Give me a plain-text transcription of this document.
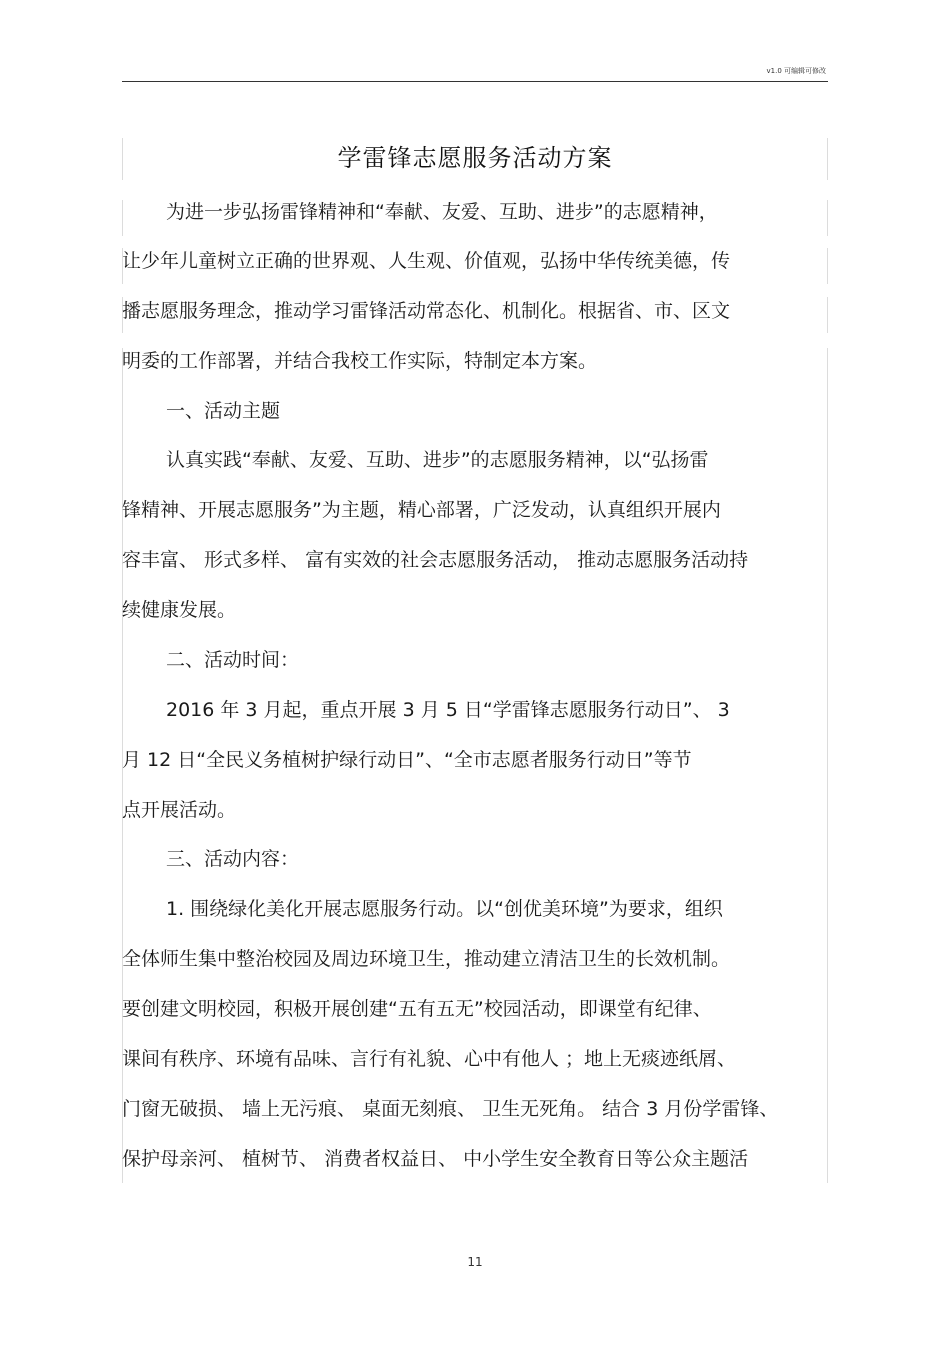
v1.0 可编辑可修改
学雷锋志愿服务活动方案
为进一步弘扬雷锋精神和“奉献、友爱、互助、进步”的志愿精神，
让少年儿童树立正确的世界观、人生观、价值观，弘扬中华传统美德，传
播志愿服务理念，推动学习雷锋活动常态化、机制化。根据省、市、区文
明委的工作部署，并结合我校工作实际，特制定本方案。
一、活动主题
认真实践“奉献、友爱、互助、进步”的志愿服务精神，以“弘扬雷
锋精神、开展志愿服务”为主题，精心部署，广泛发动，认真组织开展内
容丰富、 形式多样、 富有实效的社会志愿服务活动， 推动志愿服务活动持
续健康发展。
二、活动时间：
2016 年 3 月起，重点开展 3 月 5 日“学雷锋志愿服务行动日”、 3
月 12 日“全民义务植树护绿行动日”、“全市志愿者服务行动日”等节
点开展活动。
三、活动内容：
1. 围绕绿化美化开展志愿服务行动。以“创优美环境”为要求，组织
全体师生集中整治校园及周边环境卫生，推动建立清洁卫生的长效机制。
要创建文明校园，积极开展创建“五有五无”校园活动，即课堂有纪律、
课间有秩序、环境有品味、言行有礼貌、心中有他人 ；地上无痰迹纸屑、
门窗无破损、 墙上无污痕、 桌面无刻痕、 卫生无死角。 结合 3 月份学雷锋、
保护母亲河、 植树节、 消费者权益日、 中小学生安全教育日等公众主题活
11
